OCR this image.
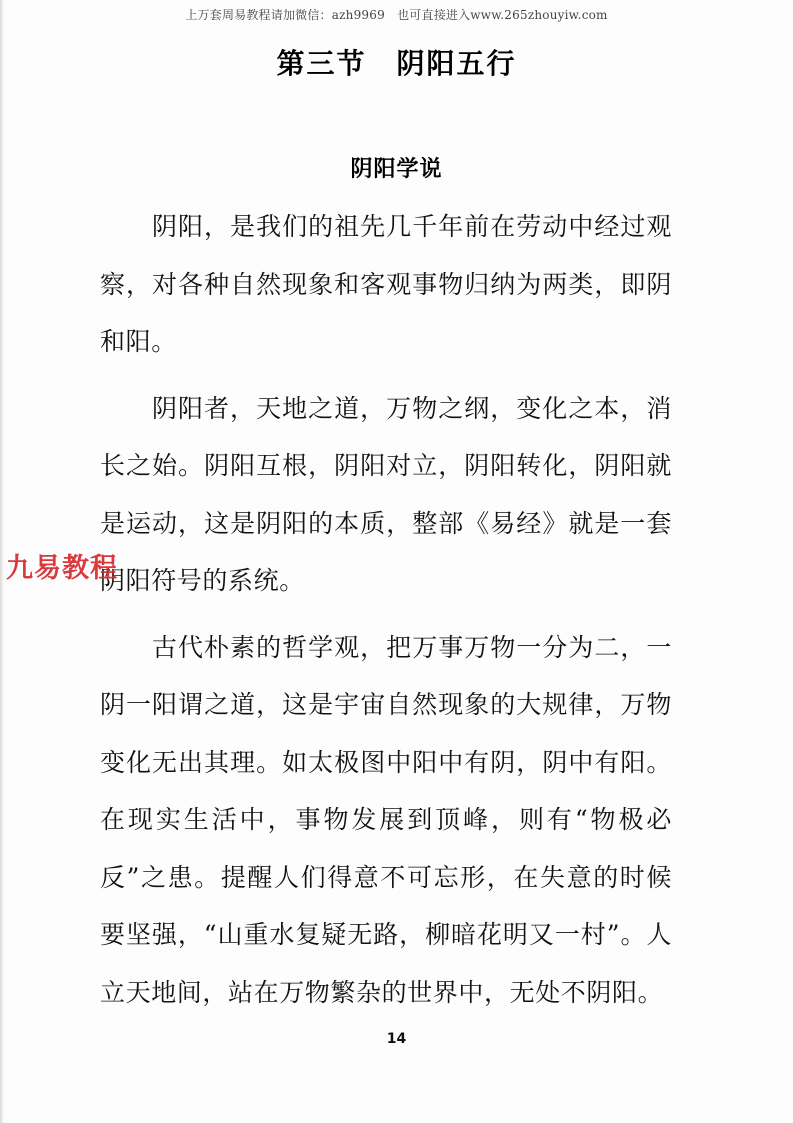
上万套周易教程请加微信：azh9969　也可直接进入www.265zhouyiw.com
第三节　阴阳五行
阴阳学说

阴阳，是我们的祖先几千年前在劳动中经过观察，对各种自然现象和客观事物归纳为两类，即阴和阳。

阴阳者，天地之道，万物之纲，变化之本，消长之始。阴阳互根，阴阳对立，阴阳转化，阴阳就是运动，这是阴阳的本质，整部《易经》就是一套阴阳符号的系统。

古代朴素的哲学观，把万事万物一分为二，一阴一阳谓之道，这是宇宙自然现象的大规律，万物变化无出其理。如太极图中阳中有阴，阴中有阳。在现实生活中，事物发展到顶峰，则有“物极必反”之患。提醒人们得意不可忘形，在失意的时候要坚强，“山重水复疑无路，柳暗花明又一村”。人立天地间，站在万物繁杂的世界中，无处不阴阳。

九易教程
14
